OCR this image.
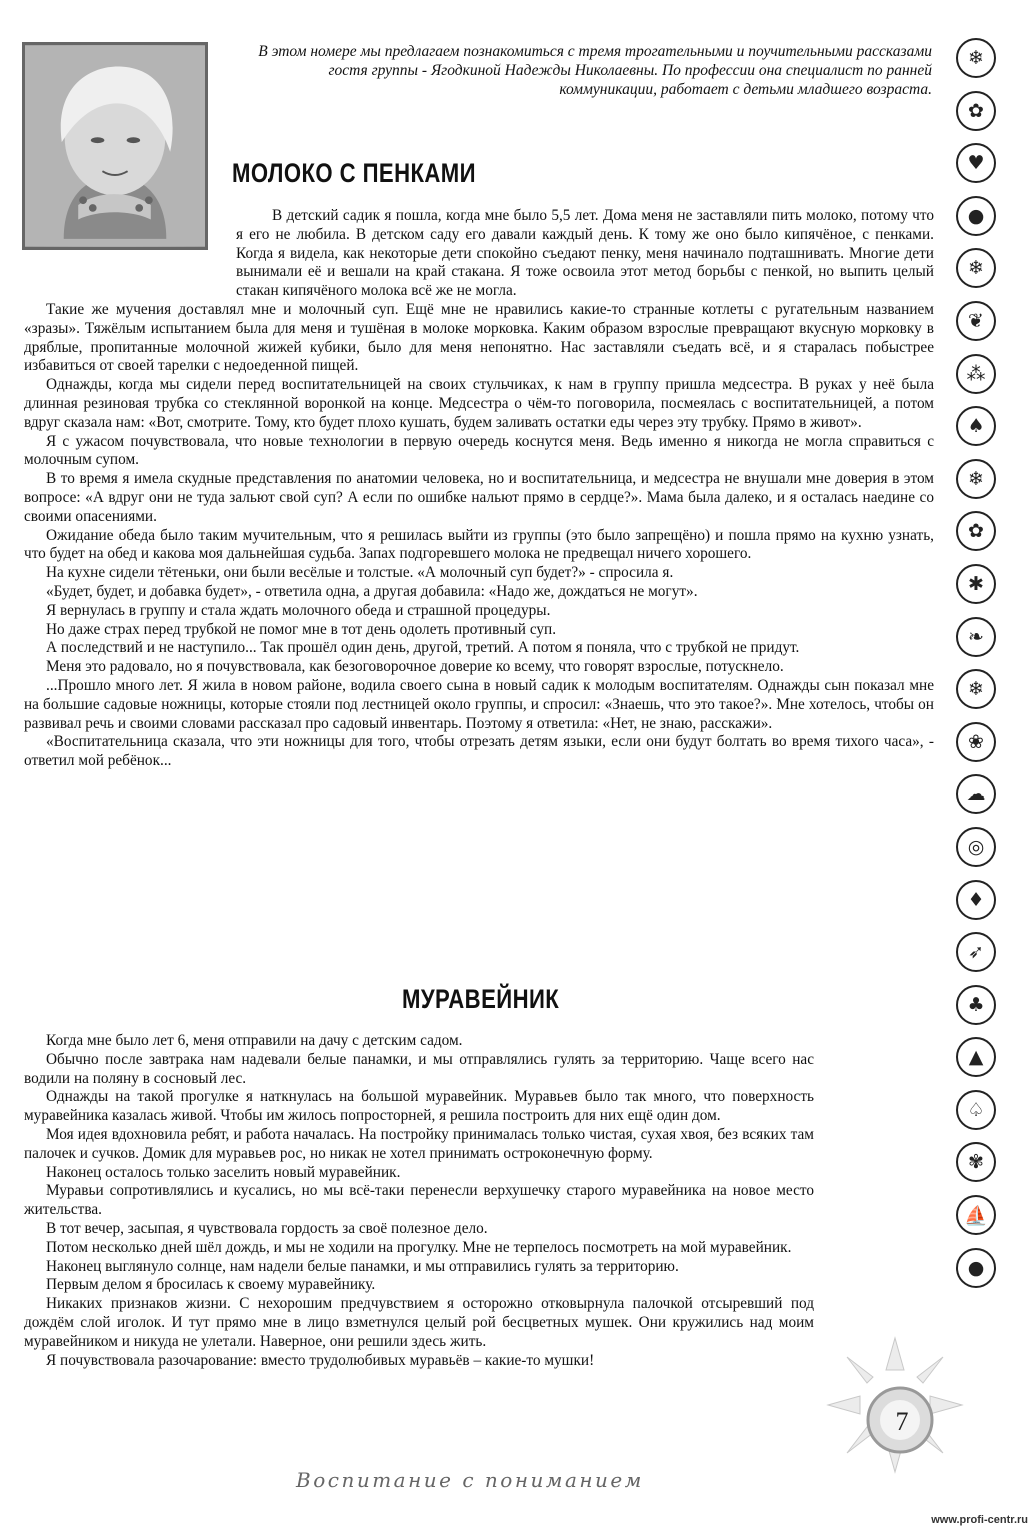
В этом номере мы предлагаем познакомиться с тремя трогательными и поучительными рассказами гостя группы - Ягодкиной Надежды Николаевны. По профессии она специалист по ранней коммуникации, работает с детьми младшего возраста.

МОЛОКО С ПЕНКАМИ

В детский садик я пошла, когда мне было 5,5 лет. Дома меня не заставляли пить молоко, потому что я его не любила. В детском саду его давали каждый день. К тому же оно было кипячёное, с пенками. Когда я видела, как некоторые дети спокойно съедают пенку, меня начинало подташнивать. Многие дети вынимали её и вешали на край стакана. Я тоже освоила этот метод борьбы с пенкой, но выпить целый стакан кипячёного молока всё же не могла.

Такие же мучения доставлял мне и молочный суп. Ещё мне не нравились какие-то странные котлеты с ругательным названием «зразы». Тяжёлым испытанием была для меня и тушёная в молоке морковка. Каким образом взрослые превращают вкусную морковку в дряблые, пропитанные молочной жижей кубики, было для меня непонятно. Нас заставляли съедать всё, и я старалась побыстрее избавиться от своей тарелки с недоеденной пищей.

Однажды, когда мы сидели перед воспитательницей на своих стульчиках, к нам в группу пришла медсестра. В руках у неё была длинная резиновая трубка со стеклянной воронкой на конце. Медсестра о чём-то поговорила, посмеялась с воспитательницей, а потом вдруг сказала нам: «Вот, смотрите. Тому, кто будет плохо кушать, будем заливать остатки еды через эту трубку. Прямо в живот».

Я с ужасом почувствовала, что новые технологии в первую очередь коснутся меня. Ведь именно я никогда не могла справиться с молочным супом.

В то время я имела скудные представления по анатомии человека, но и воспитательница, и медсестра не внушали мне доверия в этом вопросе: «А вдруг они не туда зальют свой суп? А если по ошибке нальют прямо в сердце?». Мама была далеко, и я осталась наедине со своими опасениями.

Ожидание обеда было таким мучительным, что я решилась выйти из группы (это было запрещёно) и пошла прямо на кухню узнать, что будет на обед и какова моя дальнейшая судьба. Запах подгоревшего молока не предвещал ничего хорошего.

На кухне сидели тётеньки, они были весёлые и толстые. «А молочный суп будет?» - спросила я.

«Будет, будет, и добавка будет», - ответила одна, а другая добавила: «Надо же, дождаться не могут».

Я вернулась в группу и стала ждать молочного обеда и страшной процедуры.

Но даже страх перед трубкой не помог мне в тот день одолеть противный суп.

А последствий и не наступило... Так прошёл один день, другой, третий. А потом я поняла, что с трубкой не придут.

Меня это радовало, но я почувствовала, как безоговорочное доверие ко всему, что говорят взрослые, потускнело.

...Прошло много лет. Я жила в новом районе, водила своего сына в новый садик к молодым воспитателям. Однажды сын показал мне на большие садовые ножницы, которые стояли под лестницей около группы, и спросил: «Знаешь, что это такое?». Мне хотелось, чтобы он развивал речь и своими словами рассказал про садовый инвентарь. Поэтому я ответила: «Нет, не знаю, расскажи».

«Воспитательница сказала, что эти ножницы для того, чтобы отрезать детям языки, если они будут болтать во время тихого часа», - ответил мой ребёнок...

МУРАВЕЙНИК

Когда мне было лет 6, меня отправили на дачу с детским садом.

Обычно после завтрака нам надевали белые панамки, и мы отправлялись гулять за территорию. Чаще всего нас водили на поляну в сосновый лес.

Однажды на такой прогулке я наткнулась на большой муравейник. Муравьев было так много, что поверхность муравейника казалась живой. Чтобы им жилось попросторней, я решила построить для них ещё один дом.

Моя идея вдохновила ребят, и работа началась. На постройку принималась только чистая, сухая хвоя, без всяких там палочек и сучков. Домик для муравьев рос, но никак не хотел принимать остроконечную форму.

Наконец осталось только заселить новый муравейник.

Муравьи сопротивлялись и кусались, но мы всё-таки перенесли верхушечку старого муравейника на новое место жительства.

В тот вечер, засыпая, я чувствовала гордость за своё полезное дело.

Потом несколько дней шёл дождь, и мы не ходили на прогулку. Мне не терпелось посмотреть на мой муравейник.

Наконец выглянуло солнце, нам надели белые панамки, и мы отправились гулять за территорию.

Первым делом я бросилась к своему муравейнику.

Никаких признаков жизни. С нехорошим предчувствием я осторожно отковырнула палочкой отсыревший под дождём слой иголок. И тут прямо мне в лицо взметнулся целый рой бесцветных мушек. Они кружились над моим муравейником и никуда не улетали. Наверное, они решили здесь жить.

Я почувствовала разочарование: вместо трудолюбивых муравьёв – какие-то мушки!

❄
✿
♥
●
❄
❦
⁂
♠
❄
✿
✱
❧
❄
❀
☁
◎
♦
➶
♣
▲
♤
✾
⛵
●
7
Воспитание с пониманием
www.profi-centr.ru
